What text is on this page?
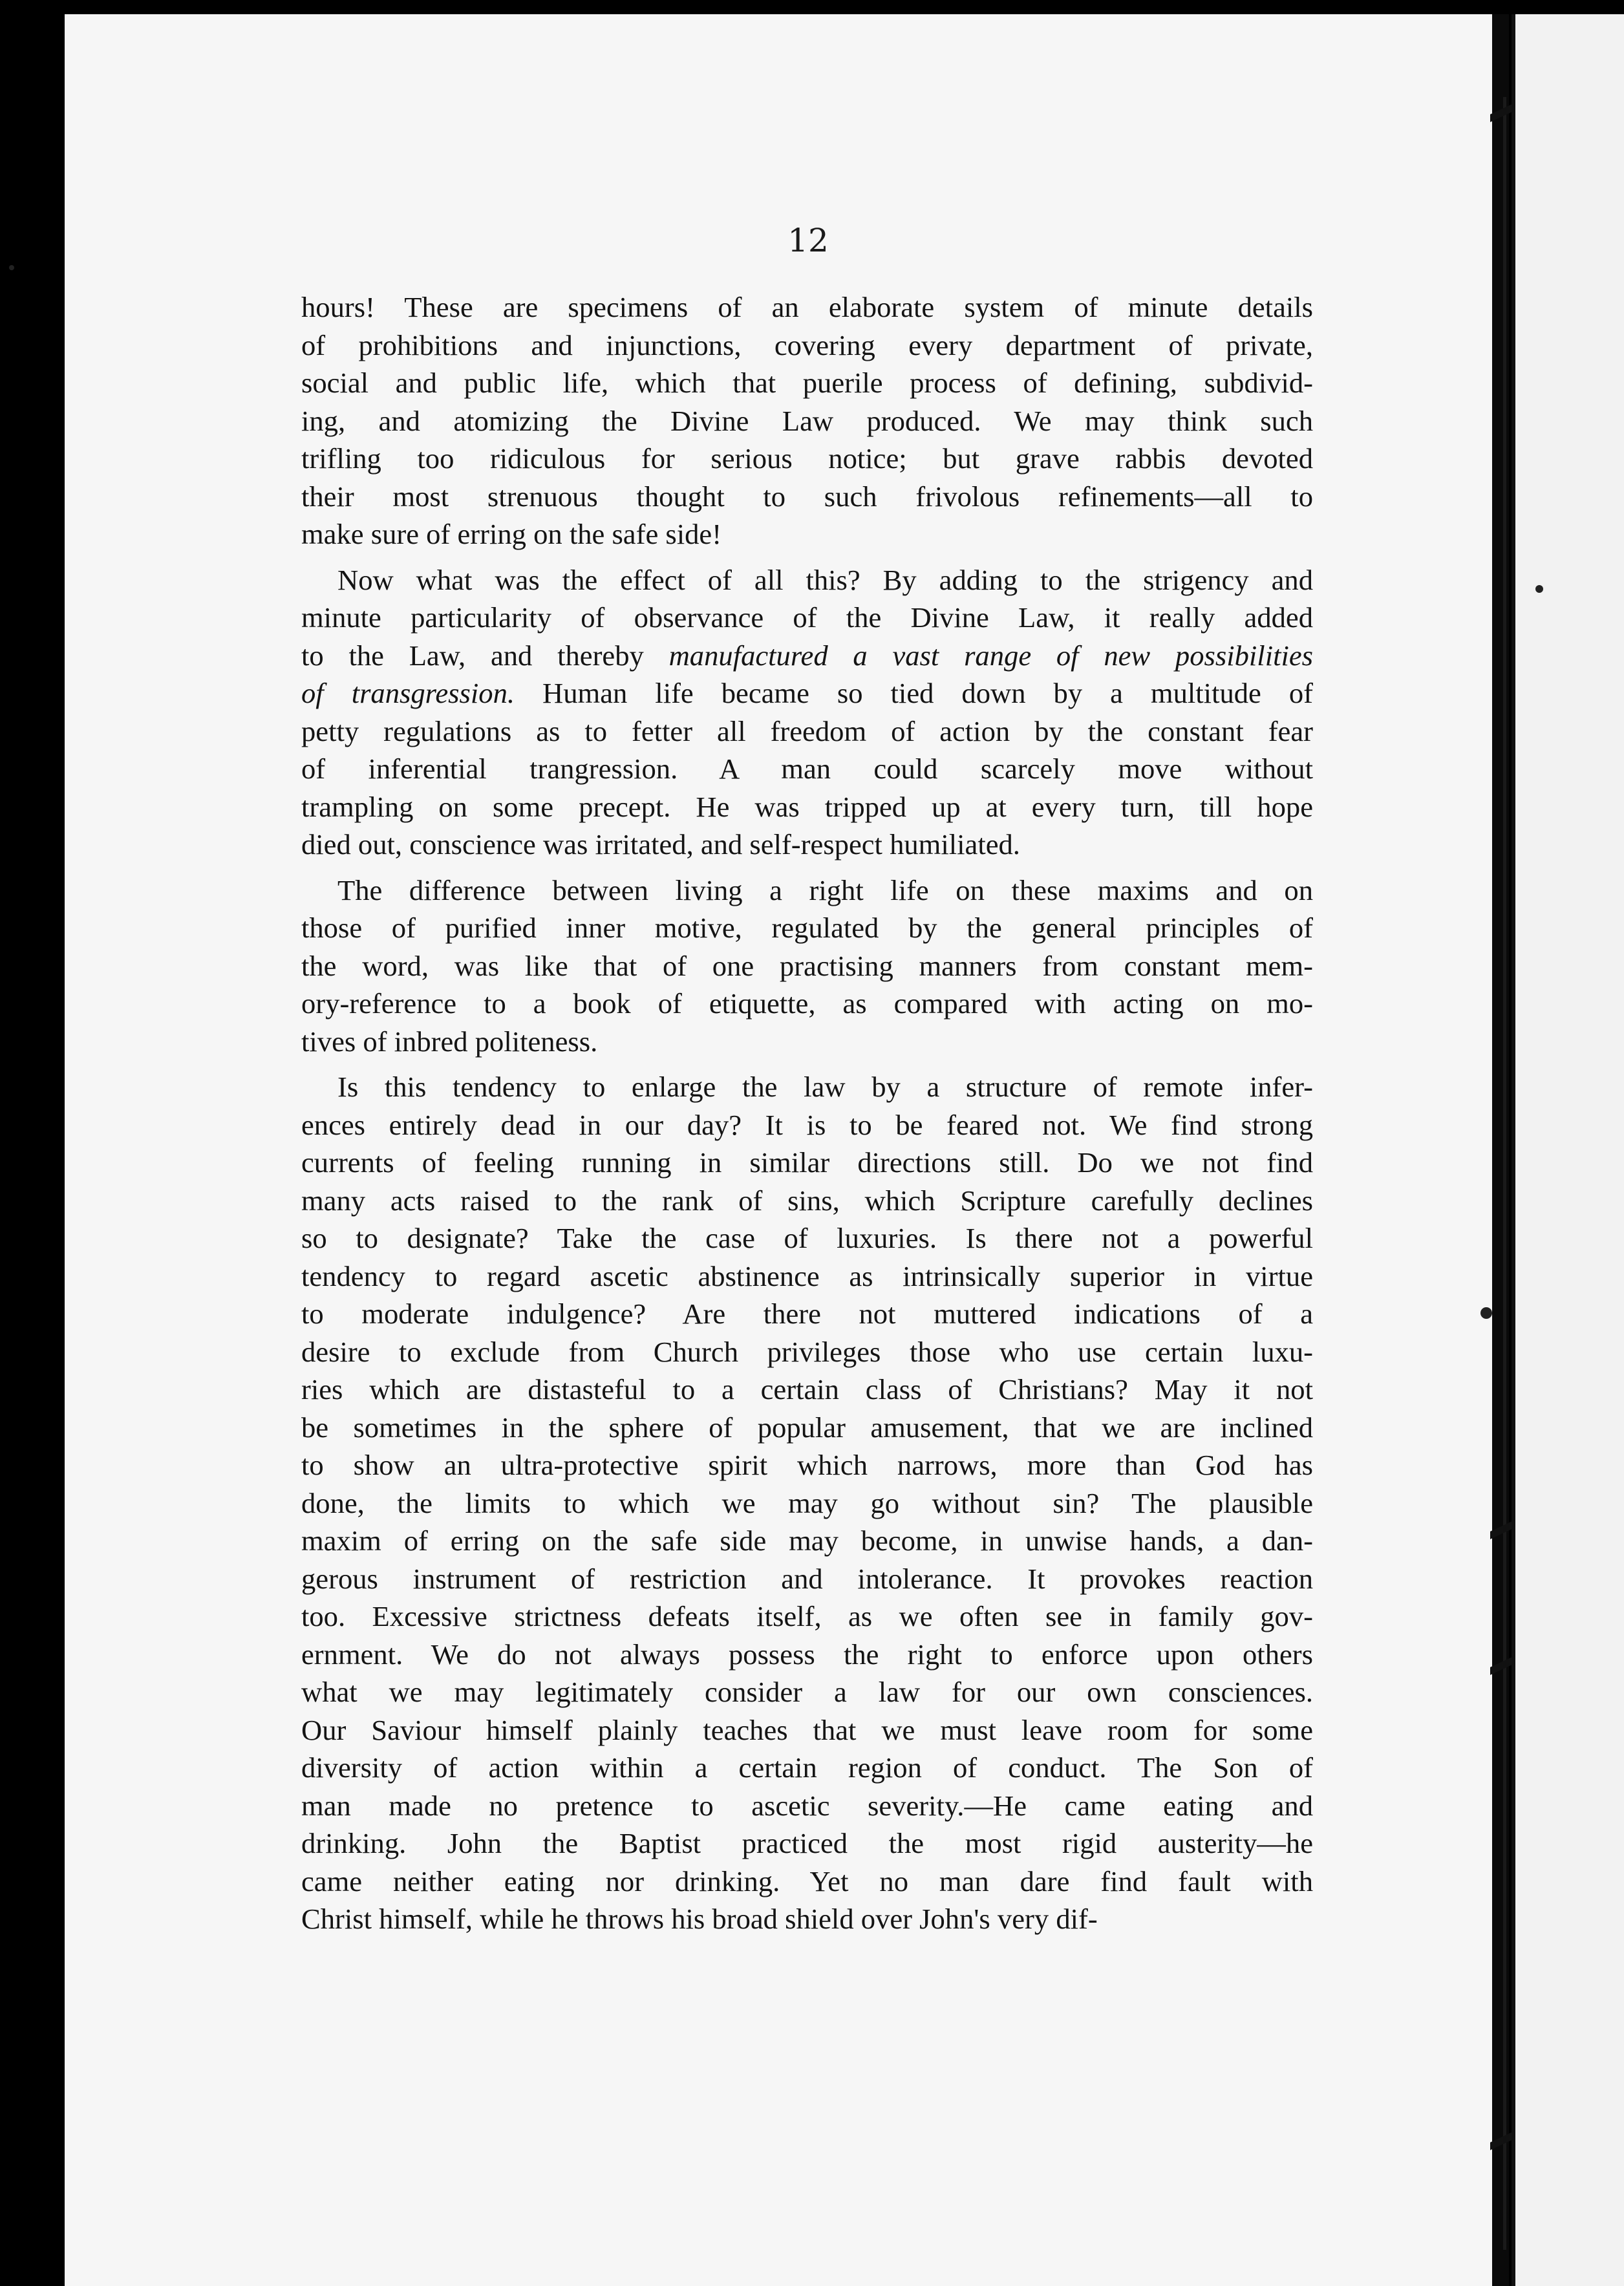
12
hours! These are specimens of an elaborate system of minute details
of prohibitions and injunctions, covering every department of private,
social and public life, which that puerile process of defining, subdivid-
ing, and atomizing the Divine Law produced. We may think such
trifling too ridiculous for serious notice; but grave rabbis devoted
their most strenuous thought to such frivolous refinements—all to
make sure of erring on the safe side!
Now what was the effect of all this? By adding to the strigency and
minute particularity of observance of the Divine Law, it really added
to the Law, and thereby manufactured a vast range of new possibilities
of transgression. Human life became so tied down by a multitude of
petty regulations as to fetter all freedom of action by the constant fear
of inferential trangression. A man could scarcely move without
trampling on some precept. He was tripped up at every turn, till hope
died out, conscience was irritated, and self-respect humiliated.
The difference between living a right life on these maxims and on
those of purified inner motive, regulated by the general principles of
the word, was like that of one practising manners from constant mem-
ory-reference to a book of etiquette, as compared with acting on mo-
tives of inbred politeness.
Is this tendency to enlarge the law by a structure of remote infer-
ences entirely dead in our day? It is to be feared not. We find strong
currents of feeling running in similar directions still. Do we not find
many acts raised to the rank of sins, which Scripture carefully declines
so to designate? Take the case of luxuries. Is there not a powerful
tendency to regard ascetic abstinence as intrinsically superior in virtue
to moderate indulgence? Are there not muttered indications of a
desire to exclude from Church privileges those who use certain luxu-
ries which are distasteful to a certain class of Christians? May it not
be sometimes in the sphere of popular amusement, that we are inclined
to show an ultra-protective spirit which narrows, more than God has
done, the limits to which we may go without sin? The plausible
maxim of erring on the safe side may become, in unwise hands, a dan-
gerous instrument of restriction and intolerance. It provokes reaction
too. Excessive strictness defeats itself, as we often see in family gov-
ernment. We do not always possess the right to enforce upon others
what we may legitimately consider a law for our own consciences.
Our Saviour himself plainly teaches that we must leave room for some
diversity of action within a certain region of conduct. The Son of
man made no pretence to ascetic severity.—He came eating and
drinking. John the Baptist practiced the most rigid austerity—he
came neither eating nor drinking. Yet no man dare find fault with
Christ himself, while he throws his broad shield over John's very dif-
